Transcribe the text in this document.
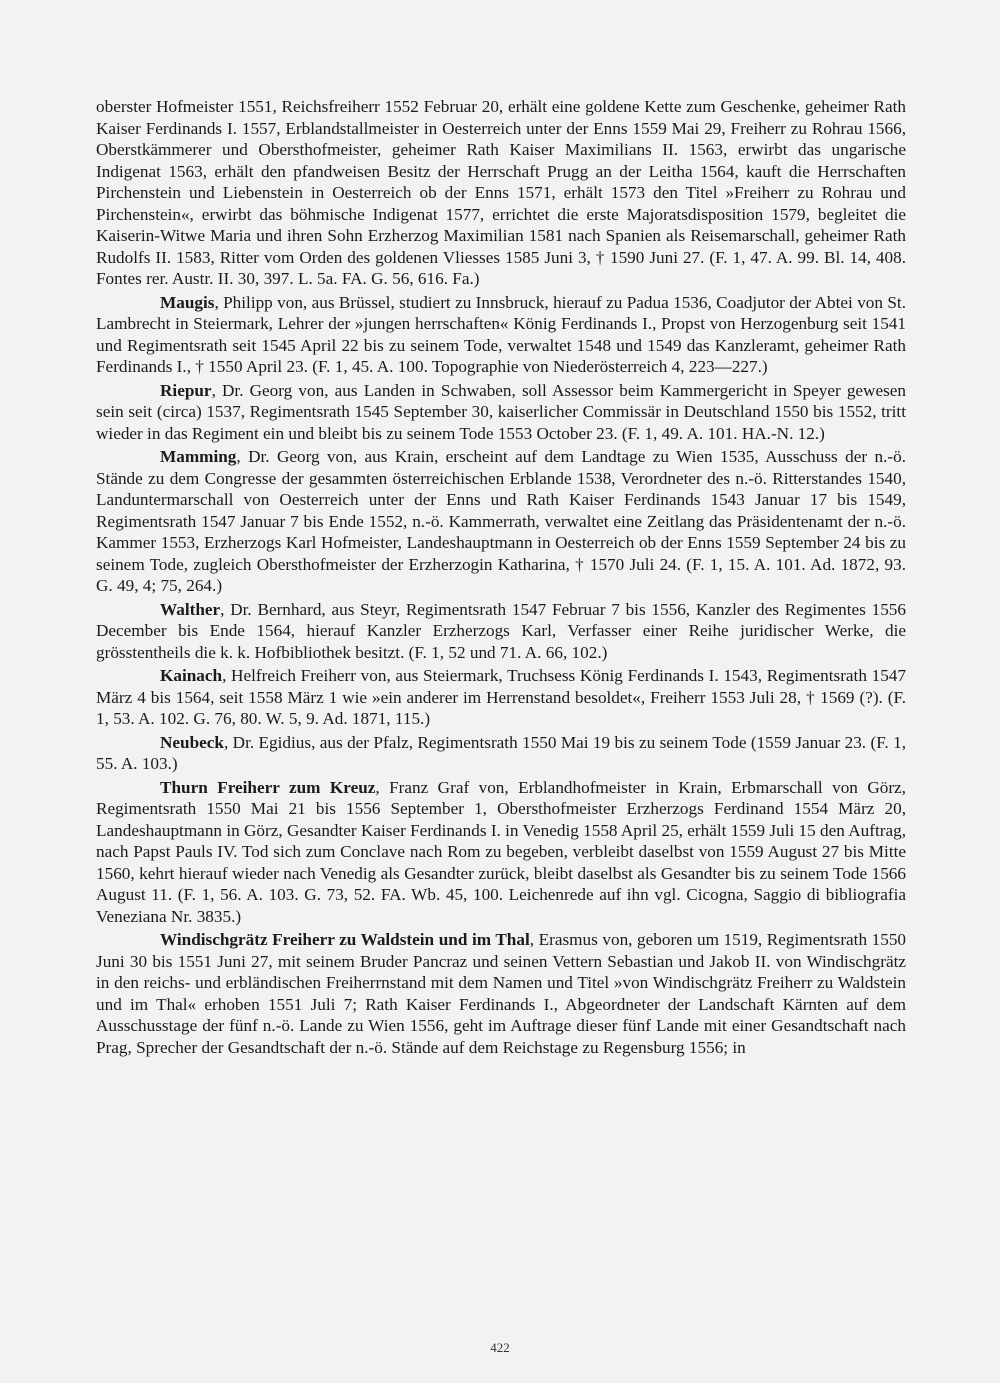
oberster Hofmeister 1551, Reichsfreiherr 1552 Februar 20, erhält eine goldene Kette zum Geschenke, geheimer Rath Kaiser Ferdinands I. 1557, Erblandstallmeister in Oesterreich unter der Enns 1559 Mai 29, Freiherr zu Rohrau 1566, Oberstkämmerer und Obersthofmeister, geheimer Rath Kaiser Maximilians II. 1563, erwirbt das ungarische Indigenat 1563, erhält den pfandweisen Besitz der Herrschaft Prugg an der Leitha 1564, kauft die Herrschaften Pirchenstein und Liebenstein in Oesterreich ob der Enns 1571, erhält 1573 den Titel »Freiherr zu Rohrau und Pirchenstein«, erwirbt das böhmische Indigenat 1577, errichtet die erste Majoratsdisposition 1579, begleitet die Kaiserin-Witwe Maria und ihren Sohn Erzherzog Maximilian 1581 nach Spanien als Reisemarschall, geheimer Rath Rudolfs II. 1583, Ritter vom Orden des goldenen Vliesses 1585 Juni 3, † 1590 Juni 27. (F. 1, 47. A. 99. Bl. 14, 408. Fontes rer. Austr. II. 30, 397. L. 5a. FA. G. 56, 616. Fa.)

Maugis, Philipp von, aus Brüssel, studiert zu Innsbruck, hierauf zu Padua 1536, Coadjutor der Abtei von St. Lambrecht in Steiermark, Lehrer der »jungen herrschaften« König Ferdinands I., Propst von Herzogenburg seit 1541 und Regimentsrath seit 1545 April 22 bis zu seinem Tode, verwaltet 1548 und 1549 das Kanzleramt, geheimer Rath Ferdinands I., † 1550 April 23. (F. 1, 45. A. 100. Topographie von Niederösterreich 4, 223—227.)

Riepur, Dr. Georg von, aus Landen in Schwaben, soll Assessor beim Kammergericht in Speyer gewesen sein seit (circa) 1537, Regimentsrath 1545 September 30, kaiserlicher Commissär in Deutschland 1550 bis 1552, tritt wieder in das Regiment ein und bleibt bis zu seinem Tode 1553 October 23. (F. 1, 49. A. 101. HA.-N. 12.)

Mamming, Dr. Georg von, aus Krain, erscheint auf dem Landtage zu Wien 1535, Ausschuss der n.-ö. Stände zu dem Congresse der gesammten österreichischen Erblande 1538, Verordneter des n.-ö. Ritterstandes 1540, Landuntermarschall von Oesterreich unter der Enns und Rath Kaiser Ferdinands 1543 Januar 17 bis 1549, Regimentsrath 1547 Januar 7 bis Ende 1552, n.-ö. Kammerrath, verwaltet eine Zeitlang das Präsidentenamt der n.-ö. Kammer 1553, Erzherzogs Karl Hofmeister, Landeshauptmann in Oesterreich ob der Enns 1559 September 24 bis zu seinem Tode, zugleich Obersthofmeister der Erzherzogin Katharina, † 1570 Juli 24. (F. 1, 15. A. 101. Ad. 1872, 93. G. 49, 4; 75, 264.)

Walther, Dr. Bernhard, aus Steyr, Regimentsrath 1547 Februar 7 bis 1556, Kanzler des Regimentes 1556 December bis Ende 1564, hierauf Kanzler Erzherzogs Karl, Verfasser einer Reihe juridischer Werke, die grösstentheils die k. k. Hofbibliothek besitzt. (F. 1, 52 und 71. A. 66, 102.)

Kainach, Helfreich Freiherr von, aus Steiermark, Truchsess König Ferdinands I. 1543, Regimentsrath 1547 März 4 bis 1564, seit 1558 März 1 wie »ein anderer im Herrenstand besoldet«, Freiherr 1553 Juli 28, † 1569 (?). (F. 1, 53. A. 102. G. 76, 80. W. 5, 9. Ad. 1871, 115.)

Neubeck, Dr. Egidius, aus der Pfalz, Regimentsrath 1550 Mai 19 bis zu seinem Tode (1559 Januar 23. (F. 1, 55. A. 103.)

Thurn Freiherr zum Kreuz, Franz Graf von, Erblandhofmeister in Krain, Erbmarschall von Görz, Regimentsrath 1550 Mai 21 bis 1556 September 1, Obersthofmeister Erzherzogs Ferdinand 1554 März 20, Landeshauptmann in Görz, Gesandter Kaiser Ferdinands I. in Venedig 1558 April 25, erhält 1559 Juli 15 den Auftrag, nach Papst Pauls IV. Tod sich zum Conclave nach Rom zu begeben, verbleibt daselbst von 1559 August 27 bis Mitte 1560, kehrt hierauf wieder nach Venedig als Gesandter zurück, bleibt daselbst als Gesandter bis zu seinem Tode 1566 August 11. (F. 1, 56. A. 103. G. 73, 52. FA. Wb. 45, 100. Leichenrede auf ihn vgl. Cicogna, Saggio di bibliografia Veneziana Nr. 3835.)

Windischgrätz Freiherr zu Waldstein und im Thal, Erasmus von, geboren um 1519, Regimentsrath 1550 Juni 30 bis 1551 Juni 27, mit seinem Bruder Pancraz und seinen Vettern Sebastian und Jakob II. von Windischgrätz in den reichs- und erbländischen Freiherrnstand mit dem Namen und Titel »von Windischgrätz Freiherr zu Waldstein und im Thal« erhoben 1551 Juli 7; Rath Kaiser Ferdinands I., Abgeordneter der Landschaft Kärnten auf dem Ausschusstage der fünf n.-ö. Lande zu Wien 1556, geht im Auftrage dieser fünf Lande mit einer Gesandtschaft nach Prag, Sprecher der Gesandtschaft der n.-ö. Stände auf dem Reichstage zu Regensburg 1556; in

422
